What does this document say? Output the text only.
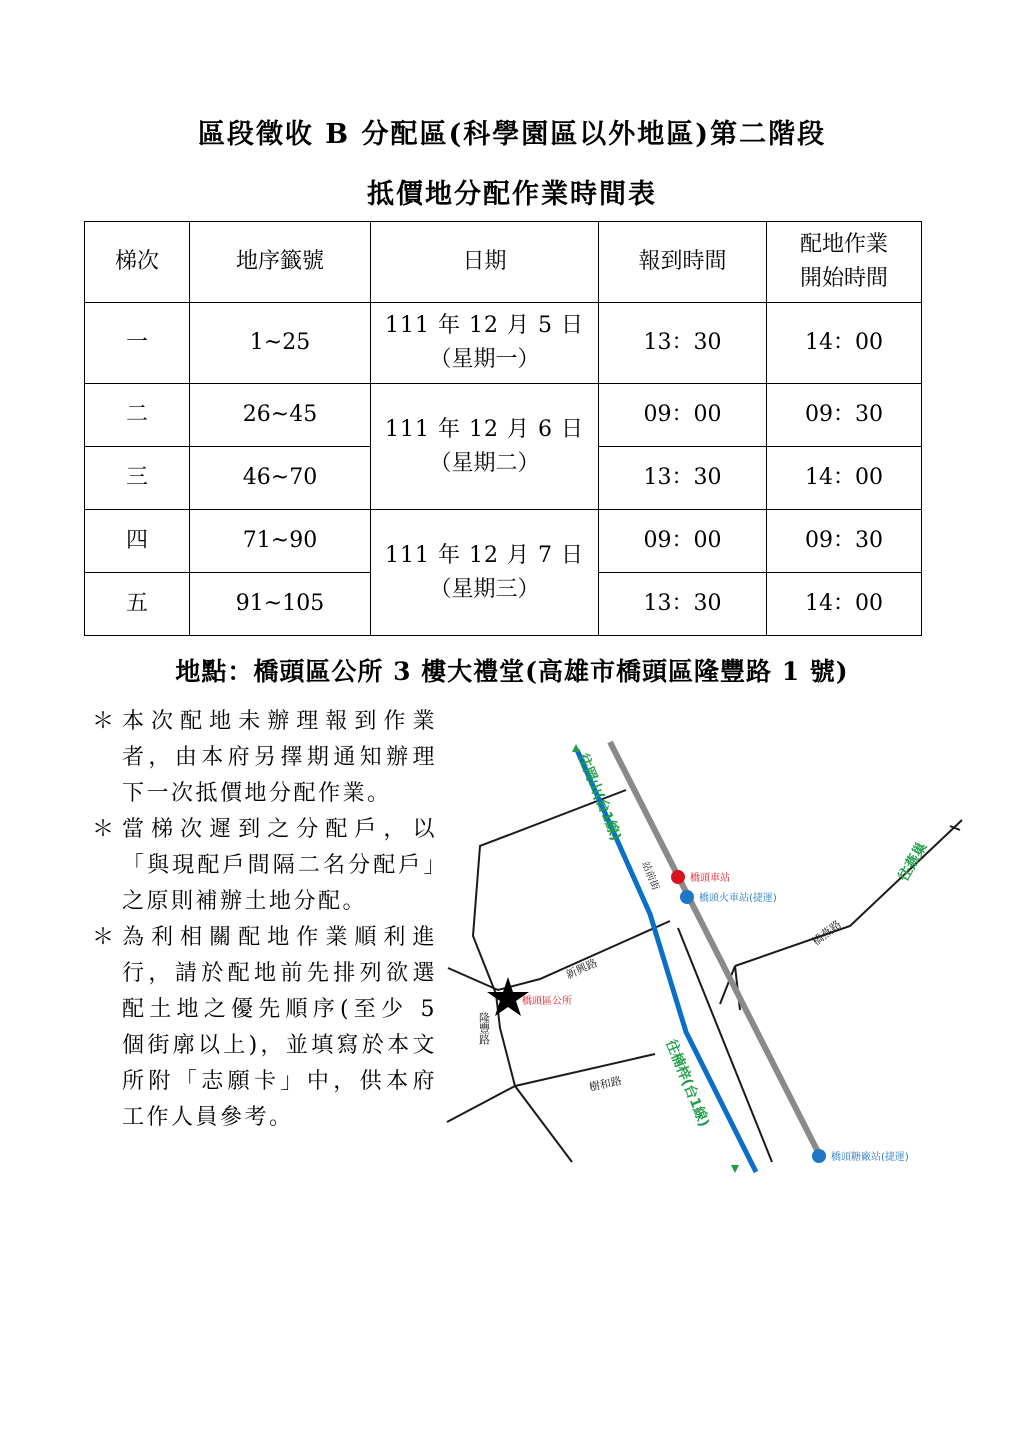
區段徵收 B 分配區(科學園區以外地區)第二階段
抵價地分配作業時間表
梯次	地序籤號	日期	報到時間	配地作業
開始時間

一	1~25	111 年 12 月 5 日
（星期一）	13：30	14：00
二	26~45	111 年 12 月 6 日
（星期二）	09：00	09：30
三	46~70		13：30	14：00
四	71~90	111 年 12 月 7 日
（星期三）	09：00	09：30
五	91~105		13：30	14：00
地點：橋頭區公所 3 樓大禮堂(高雄市橋頭區隆豐路 1 號)
＊ 本次配地未辦理報到作業者，由本府另擇期通知辦理下一次抵價地分配作業。
＊ 當梯次遲到之分配戶，以「與現配戶間隔二名分配戶」之原則補辦土地分配。
＊ 為利相關配地作業順利進行，請於配地前先排列欲選配土地之優先順序(至少 5 個街廓以上)，並填寫於本文所附「志願卡」中，供本府工作人員參考。
往岡山(台1線)
往楠梓(台1線)
往燕巢
站前街
橋燕路
新興路
樹和路
隆豐路
橋頭車站
橋頭火車站(捷運)
橋頭糖廠站(捷運)
橋頭區公所
